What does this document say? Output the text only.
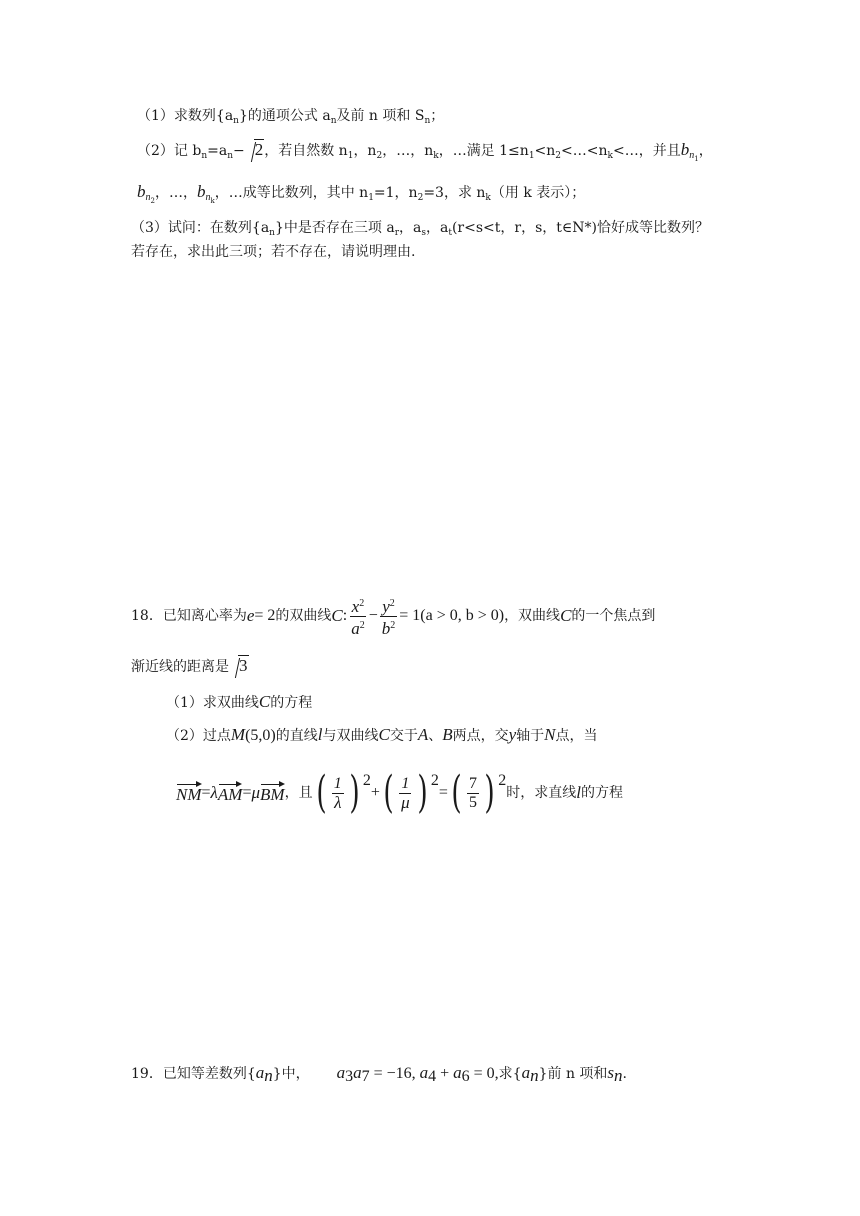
（1）求数列$\{a_n\}$的通项公式 $a_n$及前 n 项和 $S_n$；
（2）记 $b_n=a_n- 2$，若自然数 $n_1$，$n_2$，…，$n_k$，…满足 $1\le n_1<n_2<\dots<n_k<\dots$，并且$b_{n_1}$，
$b_{n_2}$，…，$b_{n_k}$，…成等比数列，其中 $n_1=1$，$n_2=3$，求 $n_k$（用 k 表示）；
（3）试问：在数列$\{a_n\}$中是否存在三项 $a_r$，$a_s$，$a_t(r<s<t$，r，s，t∈N*)恰好成等比数列？
若存在，求出此三项；若不存在，请说明理由.
18．已知离心率为 e = 2 的双曲线 C : $\frac{x^2}{a^2} - \frac{y^2}{b^2} = 1(a > 0$, b > 0) ，双曲线 C 的一个焦点到
渐近线的距离是 3
（1）求双曲线C的方程
（2）过点M(5,0)的直线l与双曲线C交于A、B两点，交y轴于N点，当
NM = λ AM = μ BM ，且 ( $\frac{1}{\lambda}$ ) 2
+ ( $\frac{1}{\mu}$ ) 2
= ( $\frac{7}{5}$ ) 2
时，求直线 l 的方程
19．已知等差数列$\{a_n\}$中， $a_3a_7 = -16$, $a_4 + a_6 = 0$,求$\{a_n\}$前 n 项和$s_n$.
